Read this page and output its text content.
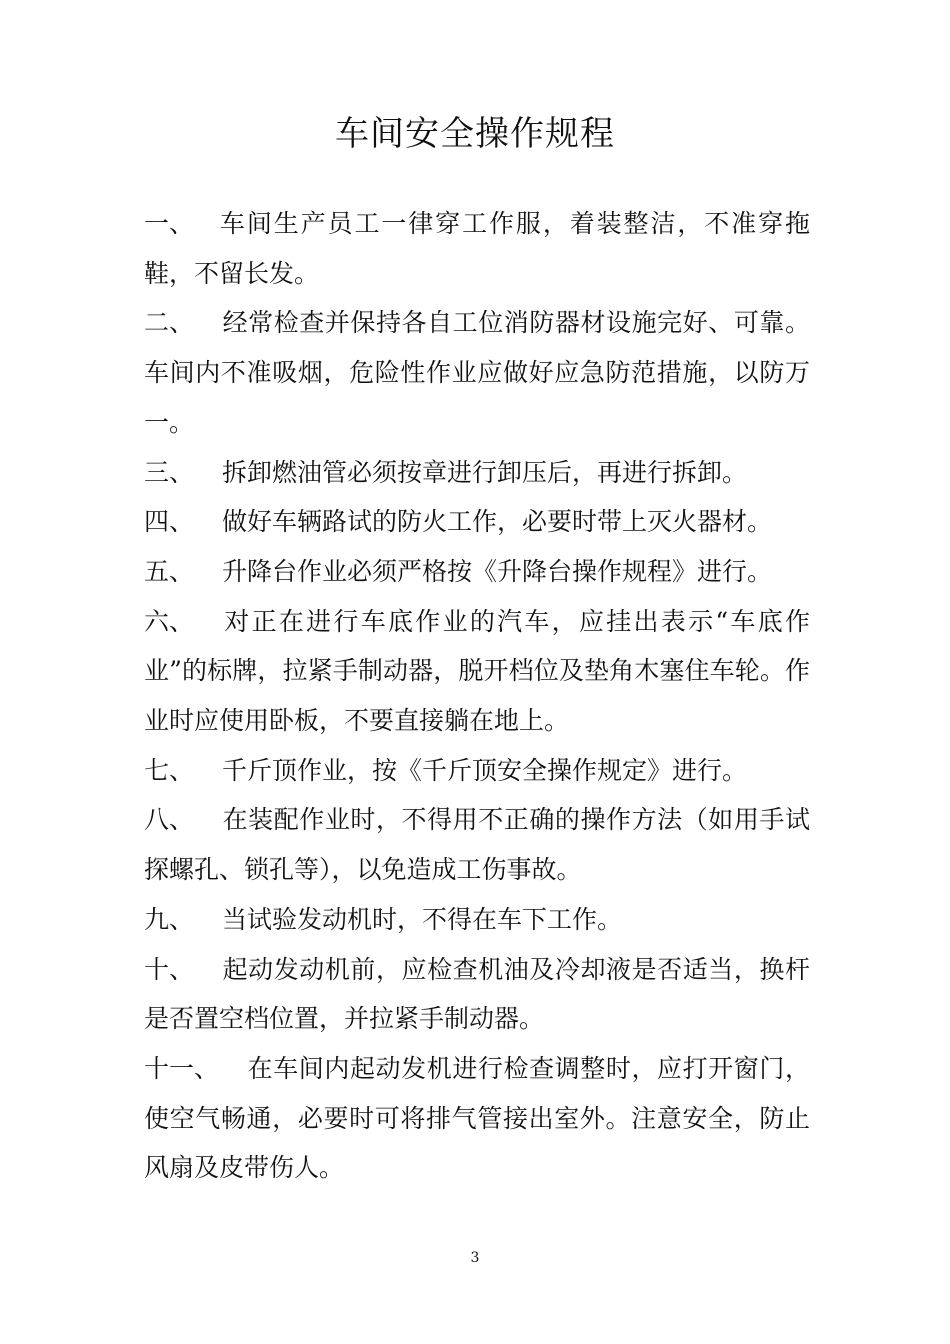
车间安全操作规程

一、 车间生产员工一律穿工作服，着装整洁，不准穿拖鞋，不留长发。

二、 经常检查并保持各自工位消防器材设施完好、可靠。车间内不准吸烟，危险性作业应做好应急防范措施，以防万一。

三、 拆卸燃油管必须按章进行卸压后，再进行拆卸。

四、 做好车辆路试的防火工作，必要时带上灭火器材。

五、 升降台作业必须严格按《升降台操作规程》进行。

六、 对正在进行车底作业的汽车，应挂出表示“车底作业”的标牌，拉紧手制动器，脱开档位及垫角木塞住车轮。作业时应使用卧板，不要直接躺在地上。

七、 千斤顶作业，按《千斤顶安全操作规定》进行。

八、 在装配作业时，不得用不正确的操作方法（如用手试探螺孔、锁孔等），以免造成工伤事故。

九、 当试验发动机时，不得在车下工作。

十、 起动发动机前，应检查机油及冷却液是否适当，换杆是否置空档位置，并拉紧手制动器。

十一、 在车间内起动发机进行检查调整时，应打开窗门，使空气畅通，必要时可将排气管接出室外。注意安全，防止风扇及皮带伤人。

3
